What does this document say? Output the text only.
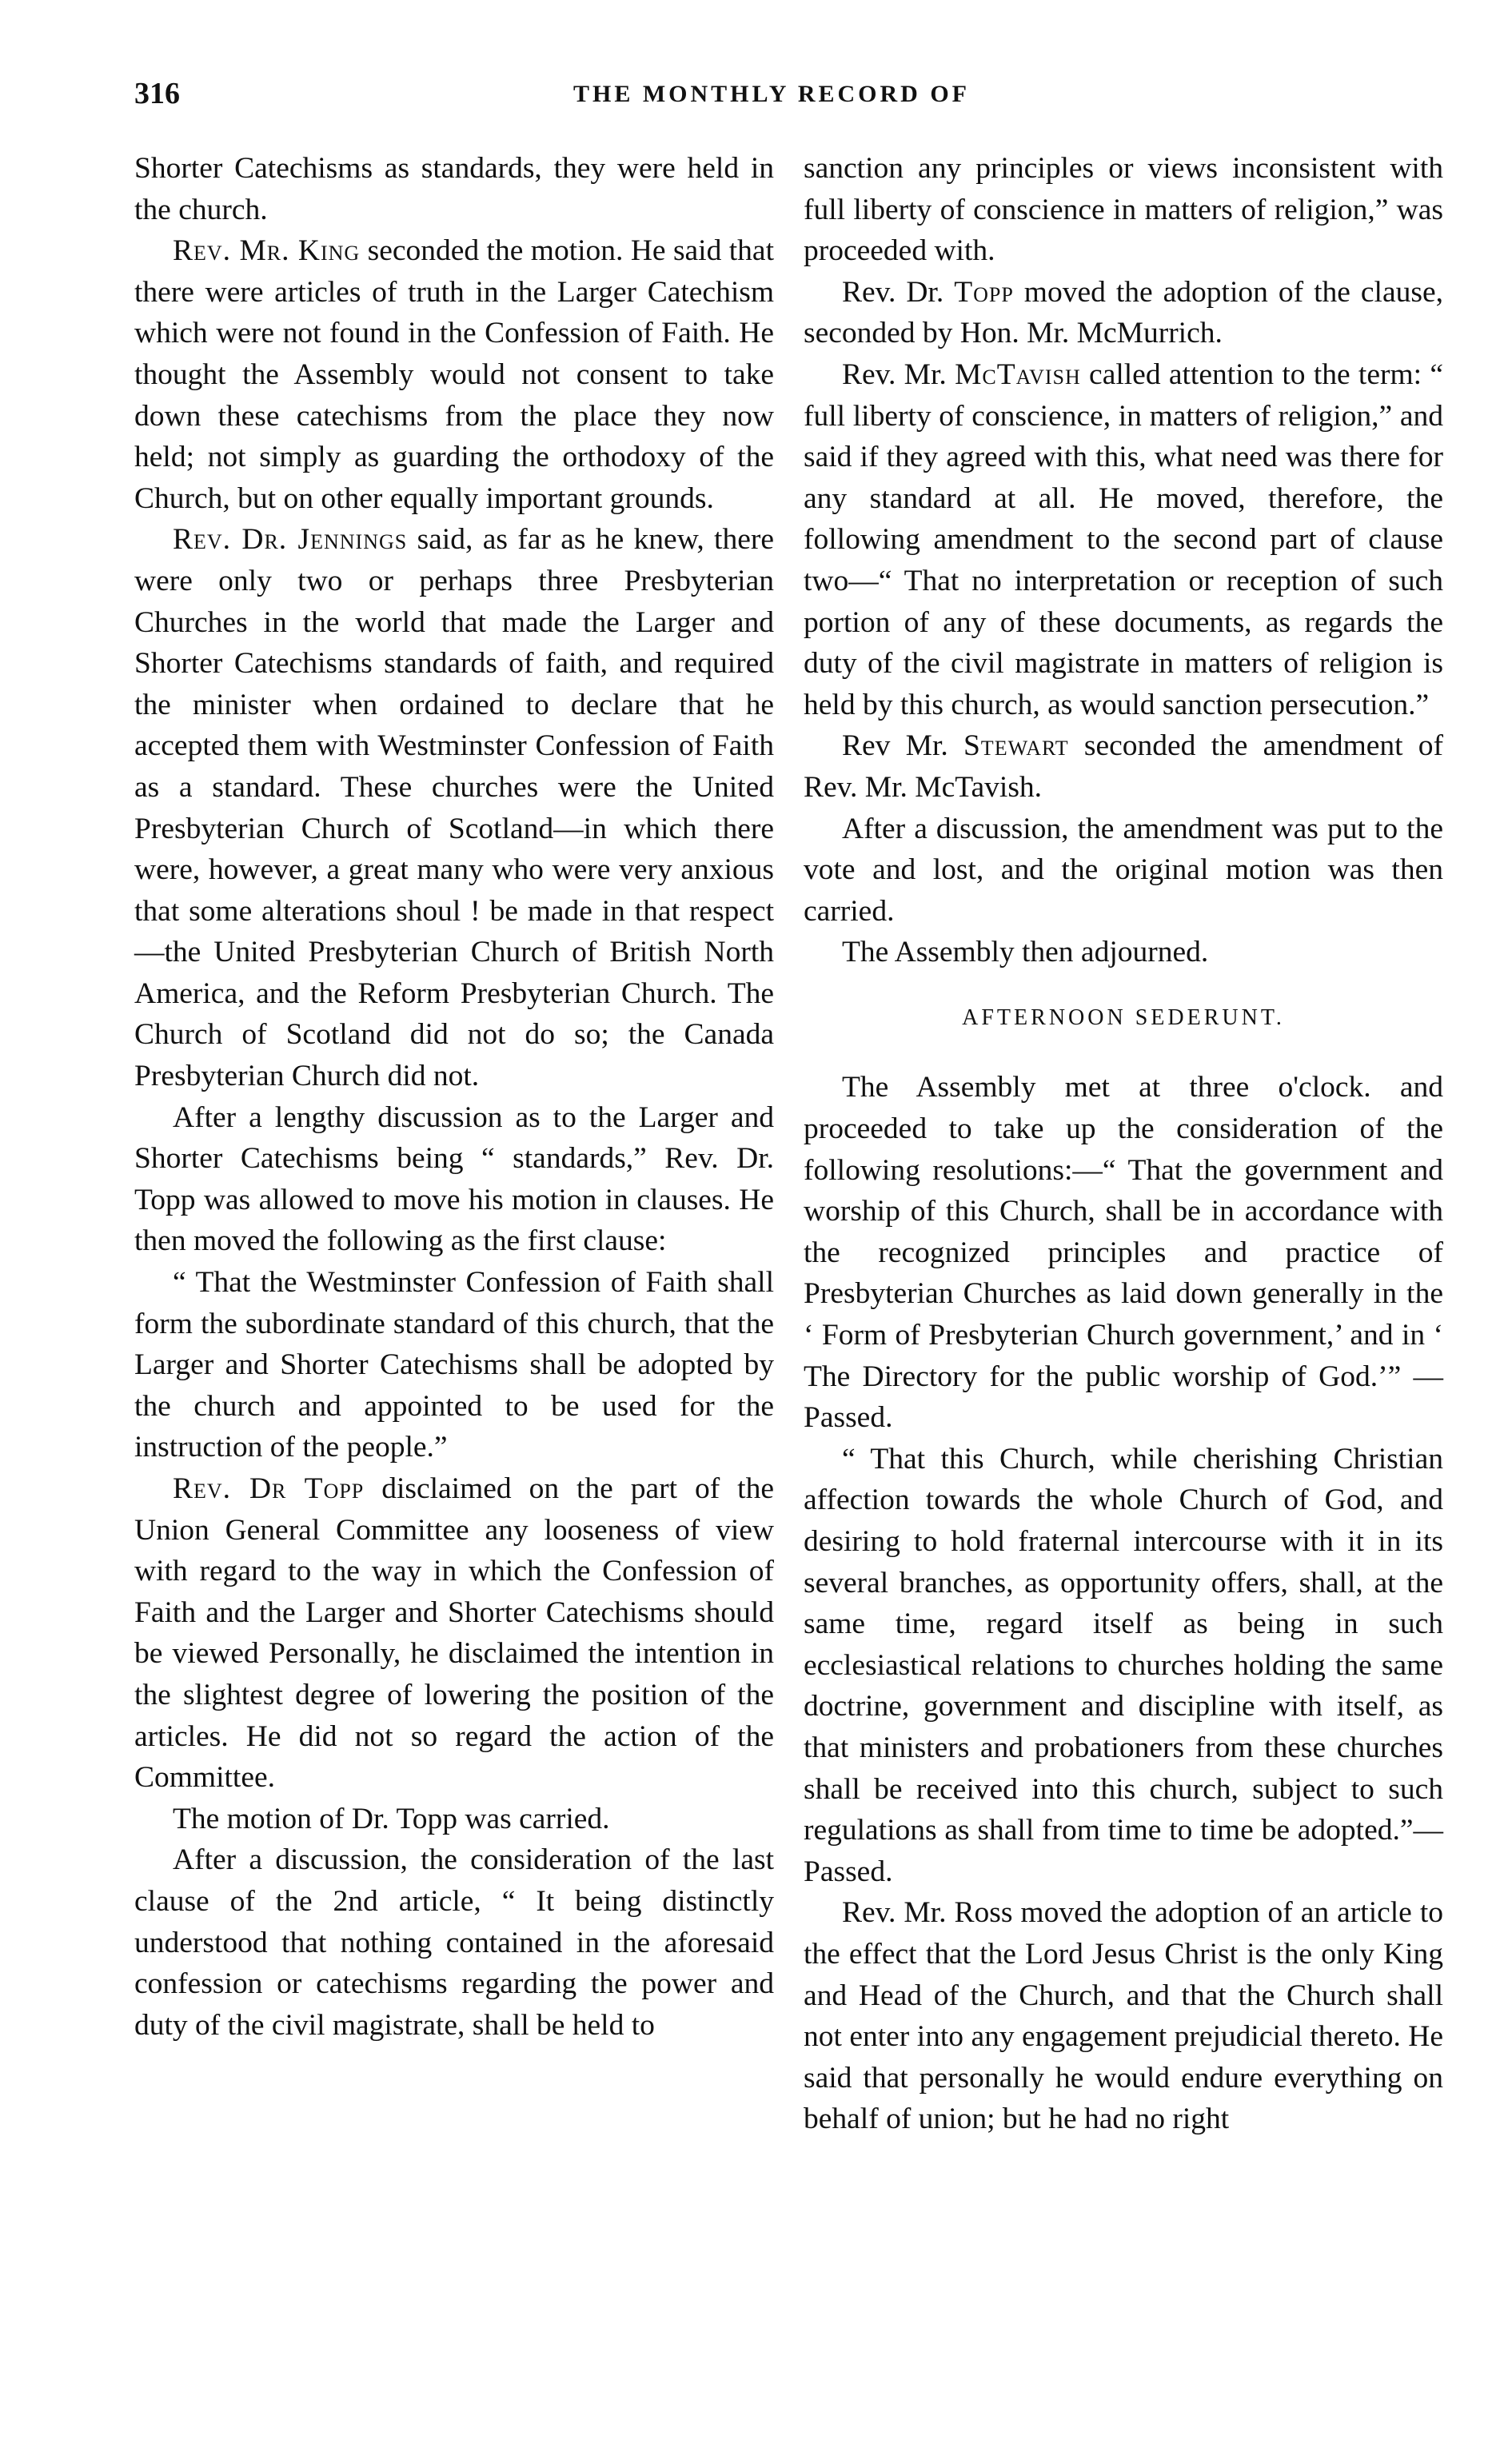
316	THE MONTHLY RECORD OF

Shorter Catechisms as standards, they were held in the church.

Rev. Mr. King seconded the motion. He said that there were articles of truth in the Larger Catechism which were not found in the Confession of Faith. He thought the Assembly would not consent to take down these catechisms from the place they now held; not simply as guarding the orthodoxy of the Church, but on other equally important grounds.

Rev. Dr. Jennings said, as far as he knew, there were only two or perhaps three Presbyterian Churches in the world that made the Larger and Shorter Catechisms standards of faith, and required the minister when ordained to declare that he accepted them with Westminster Confession of Faith as a standard. These churches were the United Presbyterian Church of Scotland—in which there were, however, a great many who were very anxious that some alterations shoul ! be made in that respect—the United Presbyterian Church of British North America, and the Reform Presbyterian Church. The Church of Scotland did not do so; the Canada Presbyterian Church did not.

After a lengthy discussion as to the Larger and Shorter Catechisms being “ standards,” Rev. Dr. Topp was allowed to move his motion in clauses. He then moved the following as the first clause:

“ That the Westminster Confession of Faith shall form the subordinate standard of this church, that the Larger and Shorter Catechisms shall be adopted by the church and appointed to be used for the instruction of the people.”

Rev. Dr Topp disclaimed on the part of the Union General Committee any looseness of view with regard to the way in which the Confession of Faith and the Larger and Shorter Catechisms should be viewed Personally, he disclaimed the intention in the slightest degree of lowering the position of the articles. He did not so regard the action of the Committee.

The motion of Dr. Topp was carried.

After a discussion, the consideration of the last clause of the 2nd article, “ It being distinctly understood that nothing contained in the aforesaid confession or catechisms regarding the power and duty of the civil magistrate, shall be held to

sanction any principles or views inconsistent with full liberty of conscience in matters of religion,” was proceeded with.

Rev. Dr. Topp moved the adoption of the clause, seconded by Hon. Mr. McMurrich.

Rev. Mr. McTavish called attention to the term: “ full liberty of conscience, in matters of religion,” and said if they agreed with this, what need was there for any standard at all. He moved, therefore, the following amendment to the second part of clause two—“ That no interpretation or reception of such portion of any of these documents, as regards the duty of the civil magistrate in matters of religion is held by this church, as would sanction persecution.”

Rev Mr. Stewart seconded the amendment of Rev. Mr. McTavish.

After a discussion, the amendment was put to the vote and lost, and the original motion was then carried.

The Assembly then adjourned.

AFTERNOON SEDERUNT.

The Assembly met at three o'clock. and proceeded to take up the consideration of the following resolutions:—“ That the government and worship of this Church, shall be in accordance with the recognized principles and practice of Presbyterian Churches as laid down generally in the ‘ Form of Presbyterian Church government,’ and in ‘ The Directory for the public worship of God.’” —Passed.

“ That this Church, while cherishing Christian affection towards the whole Church of God, and desiring to hold fraternal intercourse with it in its several branches, as opportunity offers, shall, at the same time, regard itself as being in such ecclesiastical relations to churches holding the same doctrine, government and discipline with itself, as that ministers and probationers from these churches shall be received into this church, subject to such regulations as shall from time to time be adopted.”—Passed.

Rev. Mr. Ross moved the adoption of an article to the effect that the Lord Jesus Christ is the only King and Head of the Church, and that the Church shall not enter into any engagement prejudicial thereto. He said that personally he would endure everything on behalf of union; but he had no right
